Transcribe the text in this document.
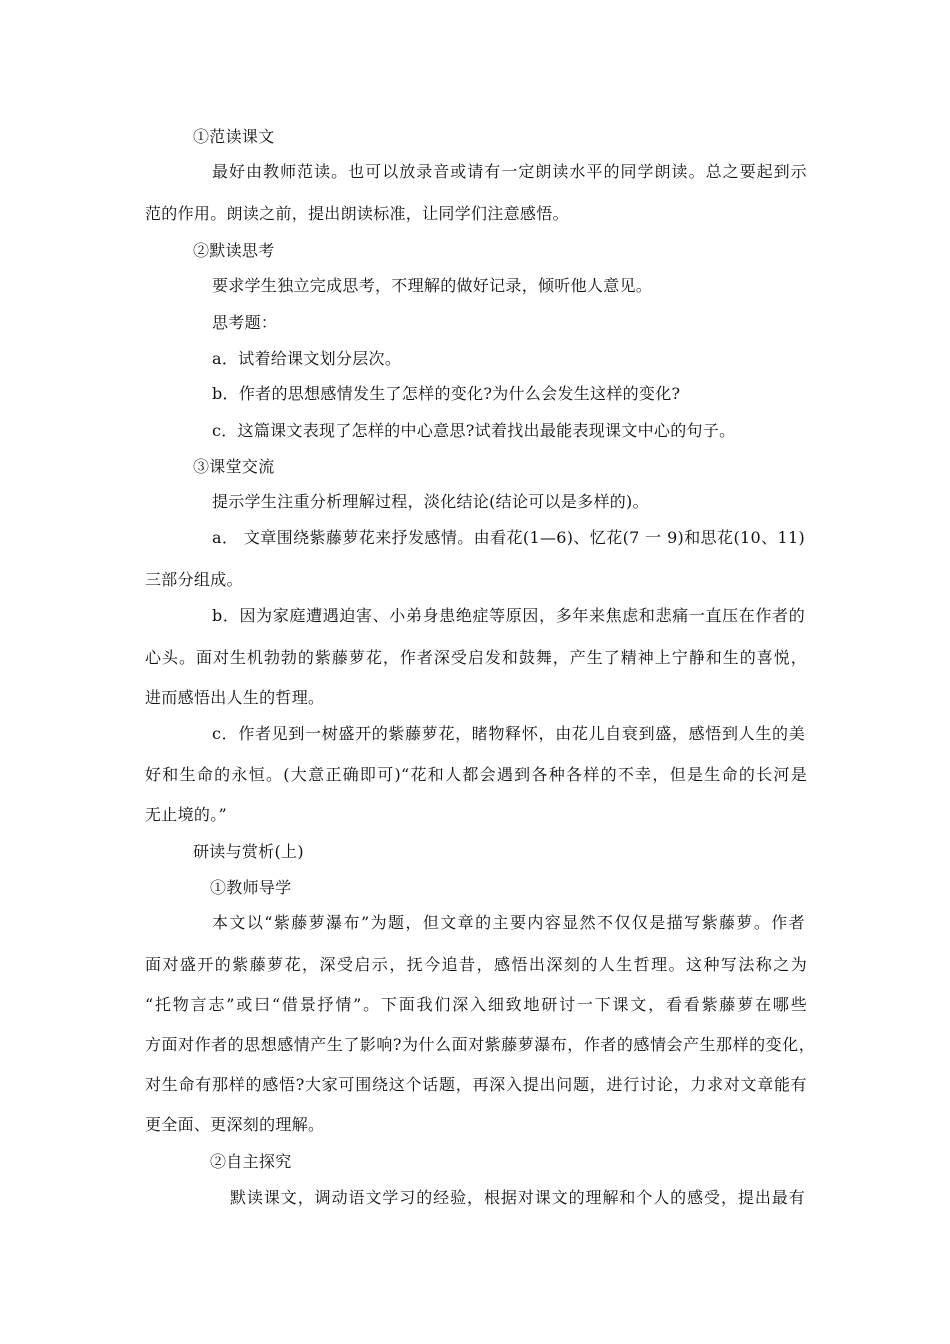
①范读课文
最好由教师范读。也可以放录音或请有一定朗读水平的同学朗读。总之要起到示
范的作用。朗读之前，提出朗读标准，让同学们注意感悟。
②默读思考
要求学生独立完成思考，不理解的做好记录，倾听他人意见。
思考题：
a．试着给课文划分层次。
b．作者的思想感情发生了怎样的变化?为什么会发生这样的变化?
c．这篇课文表现了怎样的中心意思?试着找出最能表现课文中心的句子。
③课堂交流
提示学生注重分析理解过程，淡化结论(结论可以是多样的)。
a． 文章围绕紫藤萝花来抒发感情。由看花(1—6)、忆花(7 一 9)和思花(10、11)
三部分组成。
b．因为家庭遭遇迫害、小弟身患绝症等原因，多年来焦虑和悲痛一直压在作者的
心头。面对生机勃勃的紫藤萝花，作者深受启发和鼓舞，产生了精神上宁静和生的喜悦，
进而感悟出人生的哲理。
c．作者见到一树盛开的紫藤萝花，睹物释怀，由花儿自衰到盛，感悟到人生的美
好和生命的永恒。(大意正确即可)“花和人都会遇到各种各样的不幸，但是生命的长河是
无止境的。”
研读与赏析(上)
①教师导学
本文以“紫藤萝瀑布”为题，但文章的主要内容显然不仅仅是描写紫藤萝。作者
面对盛开的紫藤萝花，深受启示，抚今追昔，感悟出深刻的人生哲理。这种写法称之为
“托物言志”或曰“借景抒情”。下面我们深入细致地研讨一下课文，看看紫藤萝在哪些
方面对作者的思想感情产生了影响?为什么面对紫藤萝瀑布，作者的感情会产生那样的变化，
对生命有那样的感悟?大家可围绕这个话题，再深入提出问题，进行讨论，力求对文章能有
更全面、更深刻的理解。
②自主探究
默读课文，调动语文学习的经验，根据对课文的理解和个人的感受，提出最有
